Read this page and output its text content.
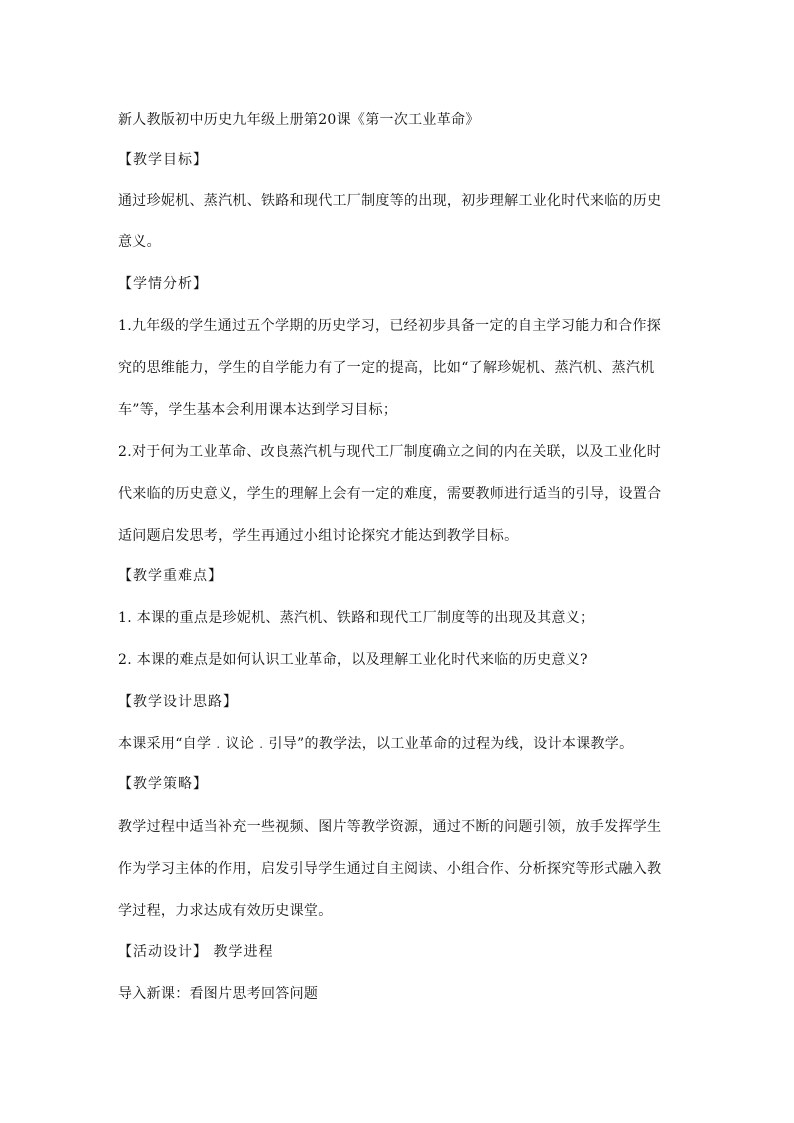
新人教版初中历史九年级上册第20课《第一次工业革命》
【教学目标】
通过珍妮机、蒸汽机、铁路和现代工厂制度等的出现，初步理解工业化时代来临的历史
意义。
【学情分析】
1.九年级的学生通过五个学期的历史学习，已经初步具备一定的自主学习能力和合作探
究的思维能力，学生的自学能力有了一定的提高，比如“了解珍妮机、蒸汽机、蒸汽机
车”等，学生基本会利用课本达到学习目标；
2.对于何为工业革命、改良蒸汽机与现代工厂制度确立之间的内在关联，以及工业化时
代来临的历史意义，学生的理解上会有一定的难度，需要教师进行适当的引导，设置合
适问题启发思考，学生再通过小组讨论探究才能达到教学目标。
【教学重难点】
1. 本课的重点是珍妮机、蒸汽机、铁路和现代工厂制度等的出现及其意义；
2. 本课的难点是如何认识工业革命，以及理解工业化时代来临的历史意义?
【教学设计思路】
本课采用“自学﹒议论﹒引导”的教学法，以工业革命的过程为线，设计本课教学。
【教学策略】
教学过程中适当补充一些视频、图片等教学资源，通过不断的问题引领，放手发挥学生
作为学习主体的作用，启发引导学生通过自主阅读、小组合作、分析探究等形式融入教
学过程，力求达成有效历史课堂。
【活动设计】 教学进程
导入新课：看图片思考回答问题
